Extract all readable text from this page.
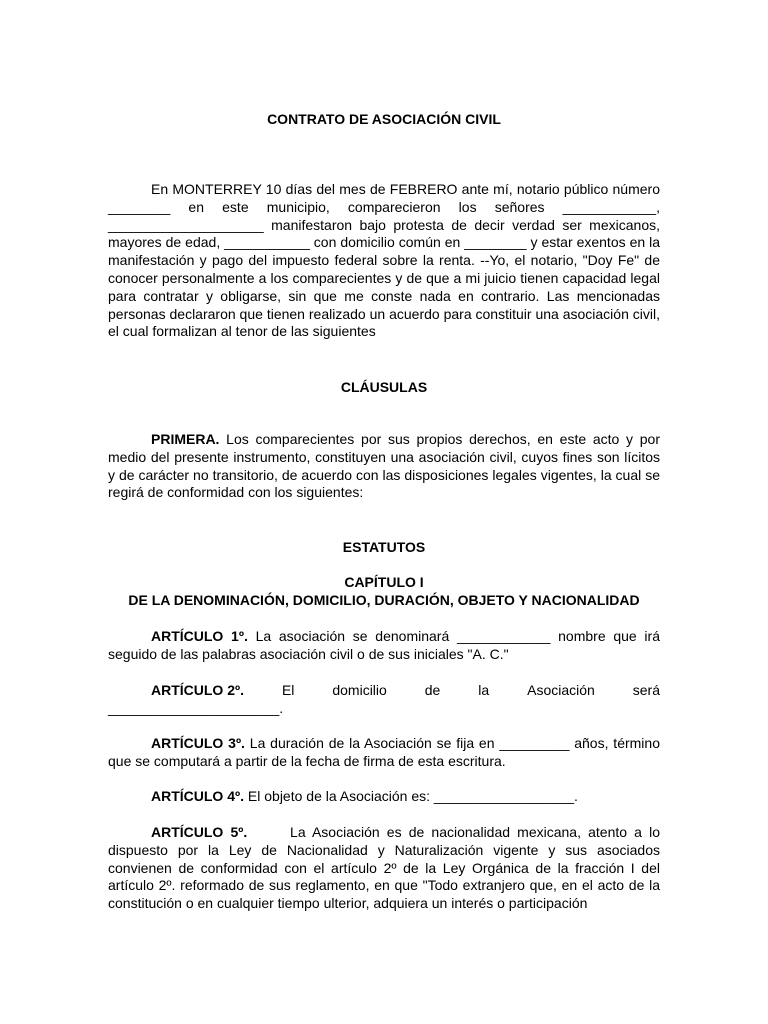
CONTRATO DE ASOCIACIÓN CIVIL
En MONTERREY 10 días del mes de FEBRERO ante mí, notario público número ________ en este municipio, comparecieron los señores ____________, ____________________ manifestaron bajo protesta de decir verdad ser mexicanos, mayores de edad, ___________ con domicilio común en ________ y estar exentos en la manifestación y pago del impuesto federal sobre la renta. --Yo, el notario, "Doy Fe" de conocer personalmente a los comparecientes y de que a mi juicio tienen capacidad legal para contratar y obligarse, sin que me conste nada en contrario. Las mencionadas personas declararon que tienen realizado un acuerdo para constituir una asociación civil, el cual formalizan al tenor de las siguientes
CLÁUSULAS
PRIMERA. Los comparecientes por sus propios derechos, en este acto y por medio del presente instrumento, constituyen una asociación civil, cuyos fines son lícitos y de carácter no transitorio, de acuerdo con las disposiciones legales vigentes, la cual se regirá de conformidad con los siguientes:
ESTATUTOS
CAPÍTULO I
DE LA DENOMINACIÓN, DOMICILIO, DURACIÓN, OBJETO Y NACIONALIDAD
ARTÍCULO 1º. La asociación se denominará ____________ nombre que irá seguido de las palabras asociación civil o de sus iniciales "A. C."
ARTÍCULO 2º.	El	domicilio	de	la	Asociación	será
______________________.
ARTÍCULO 3º. La duración de la Asociación se fija en _________ años, término que se computará a partir de la fecha de firma de esta escritura.
ARTÍCULO 4º. El objeto de la Asociación es: __________________.
ARTÍCULO 5º.      La Asociación es de nacionalidad mexicana, atento a lo dispuesto por la Ley de Nacionalidad y Naturalización vigente y sus asociados convienen de conformidad con el artículo 2º de la Ley Orgánica de la fracción I del artículo 2º. reformado de sus reglamento, en que "Todo extranjero que, en el acto de la constitución o en cualquier tiempo ulterior, adquiera un interés o participación
